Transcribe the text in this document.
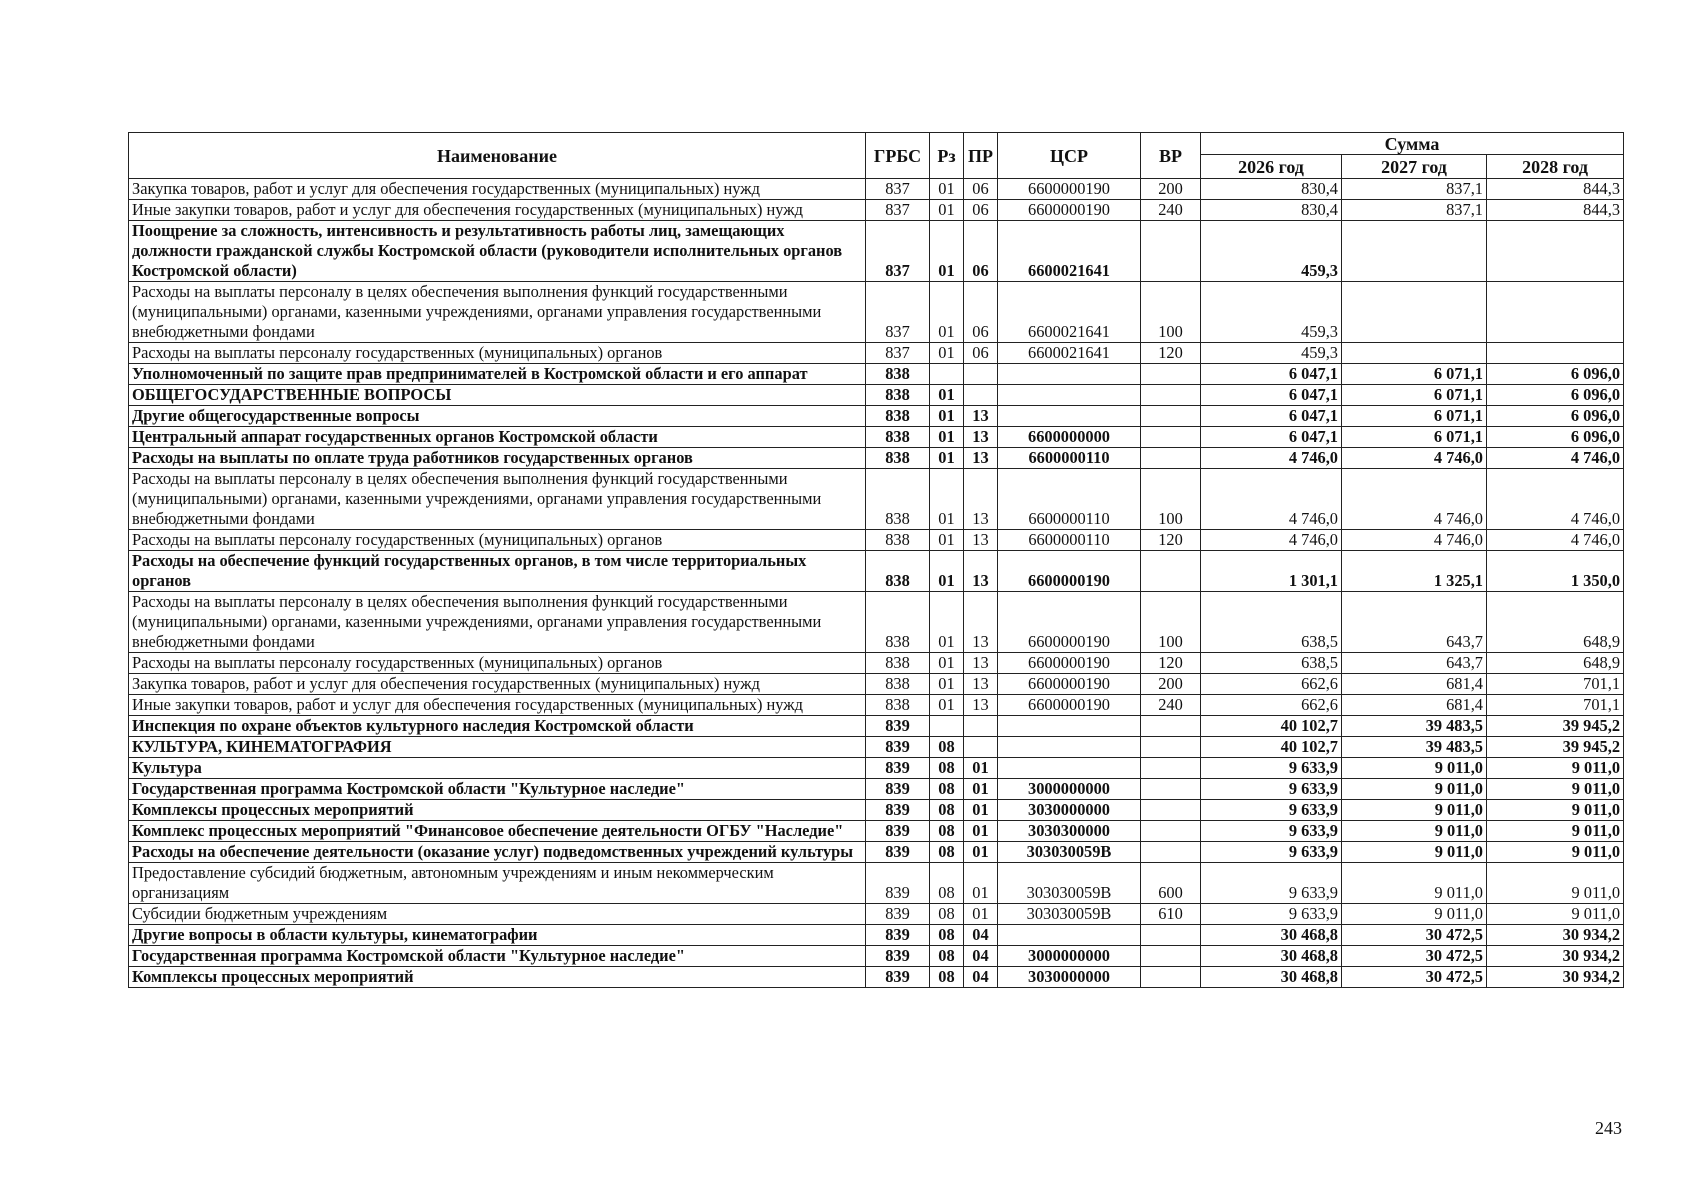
Наименование	ГРБС	Рз	ПР	ЦСР	ВР	Сумма		
						2026 год	2027 год	2028 год
Закупка товаров, работ и услуг для обеспечения государственных (муниципальных) нужд	837	01	06	6600000190	200	830,4	837,1	844,3
Иные закупки товаров, работ и услуг для обеспечения государственных (муниципальных) нужд	837	01	06	6600000190	240	830,4	837,1	844,3
Поощрение за сложность, интенсивность и результативность работы лиц, замещающих должности гражданской службы Костромской области (руководители исполнительных органов Костромской области)	837	01	06	6600021641		459,3		
Расходы на выплаты персоналу в целях обеспечения выполнения функций государственными (муниципальными) органами, казенными учреждениями, органами управления государственными внебюджетными фондами	837	01	06	6600021641	100	459,3		
Расходы на выплаты персоналу государственных (муниципальных) органов	837	01	06	6600021641	120	459,3		
Уполномоченный по защите прав предпринимателей в Костромской области и его аппарат	838					6 047,1	6 071,1	6 096,0
ОБЩЕГОСУДАРСТВЕННЫЕ ВОПРОСЫ	838	01				6 047,1	6 071,1	6 096,0
Другие общегосударственные вопросы	838	01	13			6 047,1	6 071,1	6 096,0
Центральный аппарат государственных органов Костромской области	838	01	13	6600000000		6 047,1	6 071,1	6 096,0
Расходы на выплаты по оплате труда работников государственных органов	838	01	13	6600000110		4 746,0	4 746,0	4 746,0
Расходы на выплаты персоналу в целях обеспечения выполнения функций государственными (муниципальными) органами, казенными учреждениями, органами управления государственными внебюджетными фондами	838	01	13	6600000110	100	4 746,0	4 746,0	4 746,0
Расходы на выплаты персоналу государственных (муниципальных) органов	838	01	13	6600000110	120	4 746,0	4 746,0	4 746,0
Расходы на обеспечение функций государственных органов, в том числе территориальных органов	838	01	13	6600000190		1 301,1	1 325,1	1 350,0
Расходы на выплаты персоналу в целях обеспечения выполнения функций государственными (муниципальными) органами, казенными учреждениями, органами управления государственными внебюджетными фондами	838	01	13	6600000190	100	638,5	643,7	648,9
Расходы на выплаты персоналу государственных (муниципальных) органов	838	01	13	6600000190	120	638,5	643,7	648,9
Закупка товаров, работ и услуг для обеспечения государственных (муниципальных) нужд	838	01	13	6600000190	200	662,6	681,4	701,1
Иные закупки товаров, работ и услуг для обеспечения государственных (муниципальных) нужд	838	01	13	6600000190	240	662,6	681,4	701,1
Инспекция по охране объектов культурного наследия Костромской области	839					40 102,7	39 483,5	39 945,2
КУЛЬТУРА, КИНЕМАТОГРАФИЯ	839	08				40 102,7	39 483,5	39 945,2
Культура	839	08	01			9 633,9	9 011,0	9 011,0
Государственная программа Костромской области "Культурное наследие"	839	08	01	3000000000		9 633,9	9 011,0	9 011,0
Комплексы процессных мероприятий	839	08	01	3030000000		9 633,9	9 011,0	9 011,0
Комплекс процессных мероприятий "Финансовое обеспечение деятельности ОГБУ "Наследие"	839	08	01	3030300000		9 633,9	9 011,0	9 011,0
Расходы на обеспечение деятельности (оказание услуг) подведомственных учреждений культуры	839	08	01	303030059В		9 633,9	9 011,0	9 011,0
Предоставление субсидий бюджетным, автономным учреждениям и иным некоммерческим организациям	839	08	01	303030059В	600	9 633,9	9 011,0	9 011,0
Субсидии бюджетным учреждениям	839	08	01	303030059В	610	9 633,9	9 011,0	9 011,0
Другие вопросы в области культуры, кинематографии	839	08	04			30 468,8	30 472,5	30 934,2
Государственная программа Костромской области "Культурное наследие"	839	08	04	3000000000		30 468,8	30 472,5	30 934,2
Комплексы процессных мероприятий	839	08	04	3030000000		30 468,8	30 472,5	30 934,2
243
